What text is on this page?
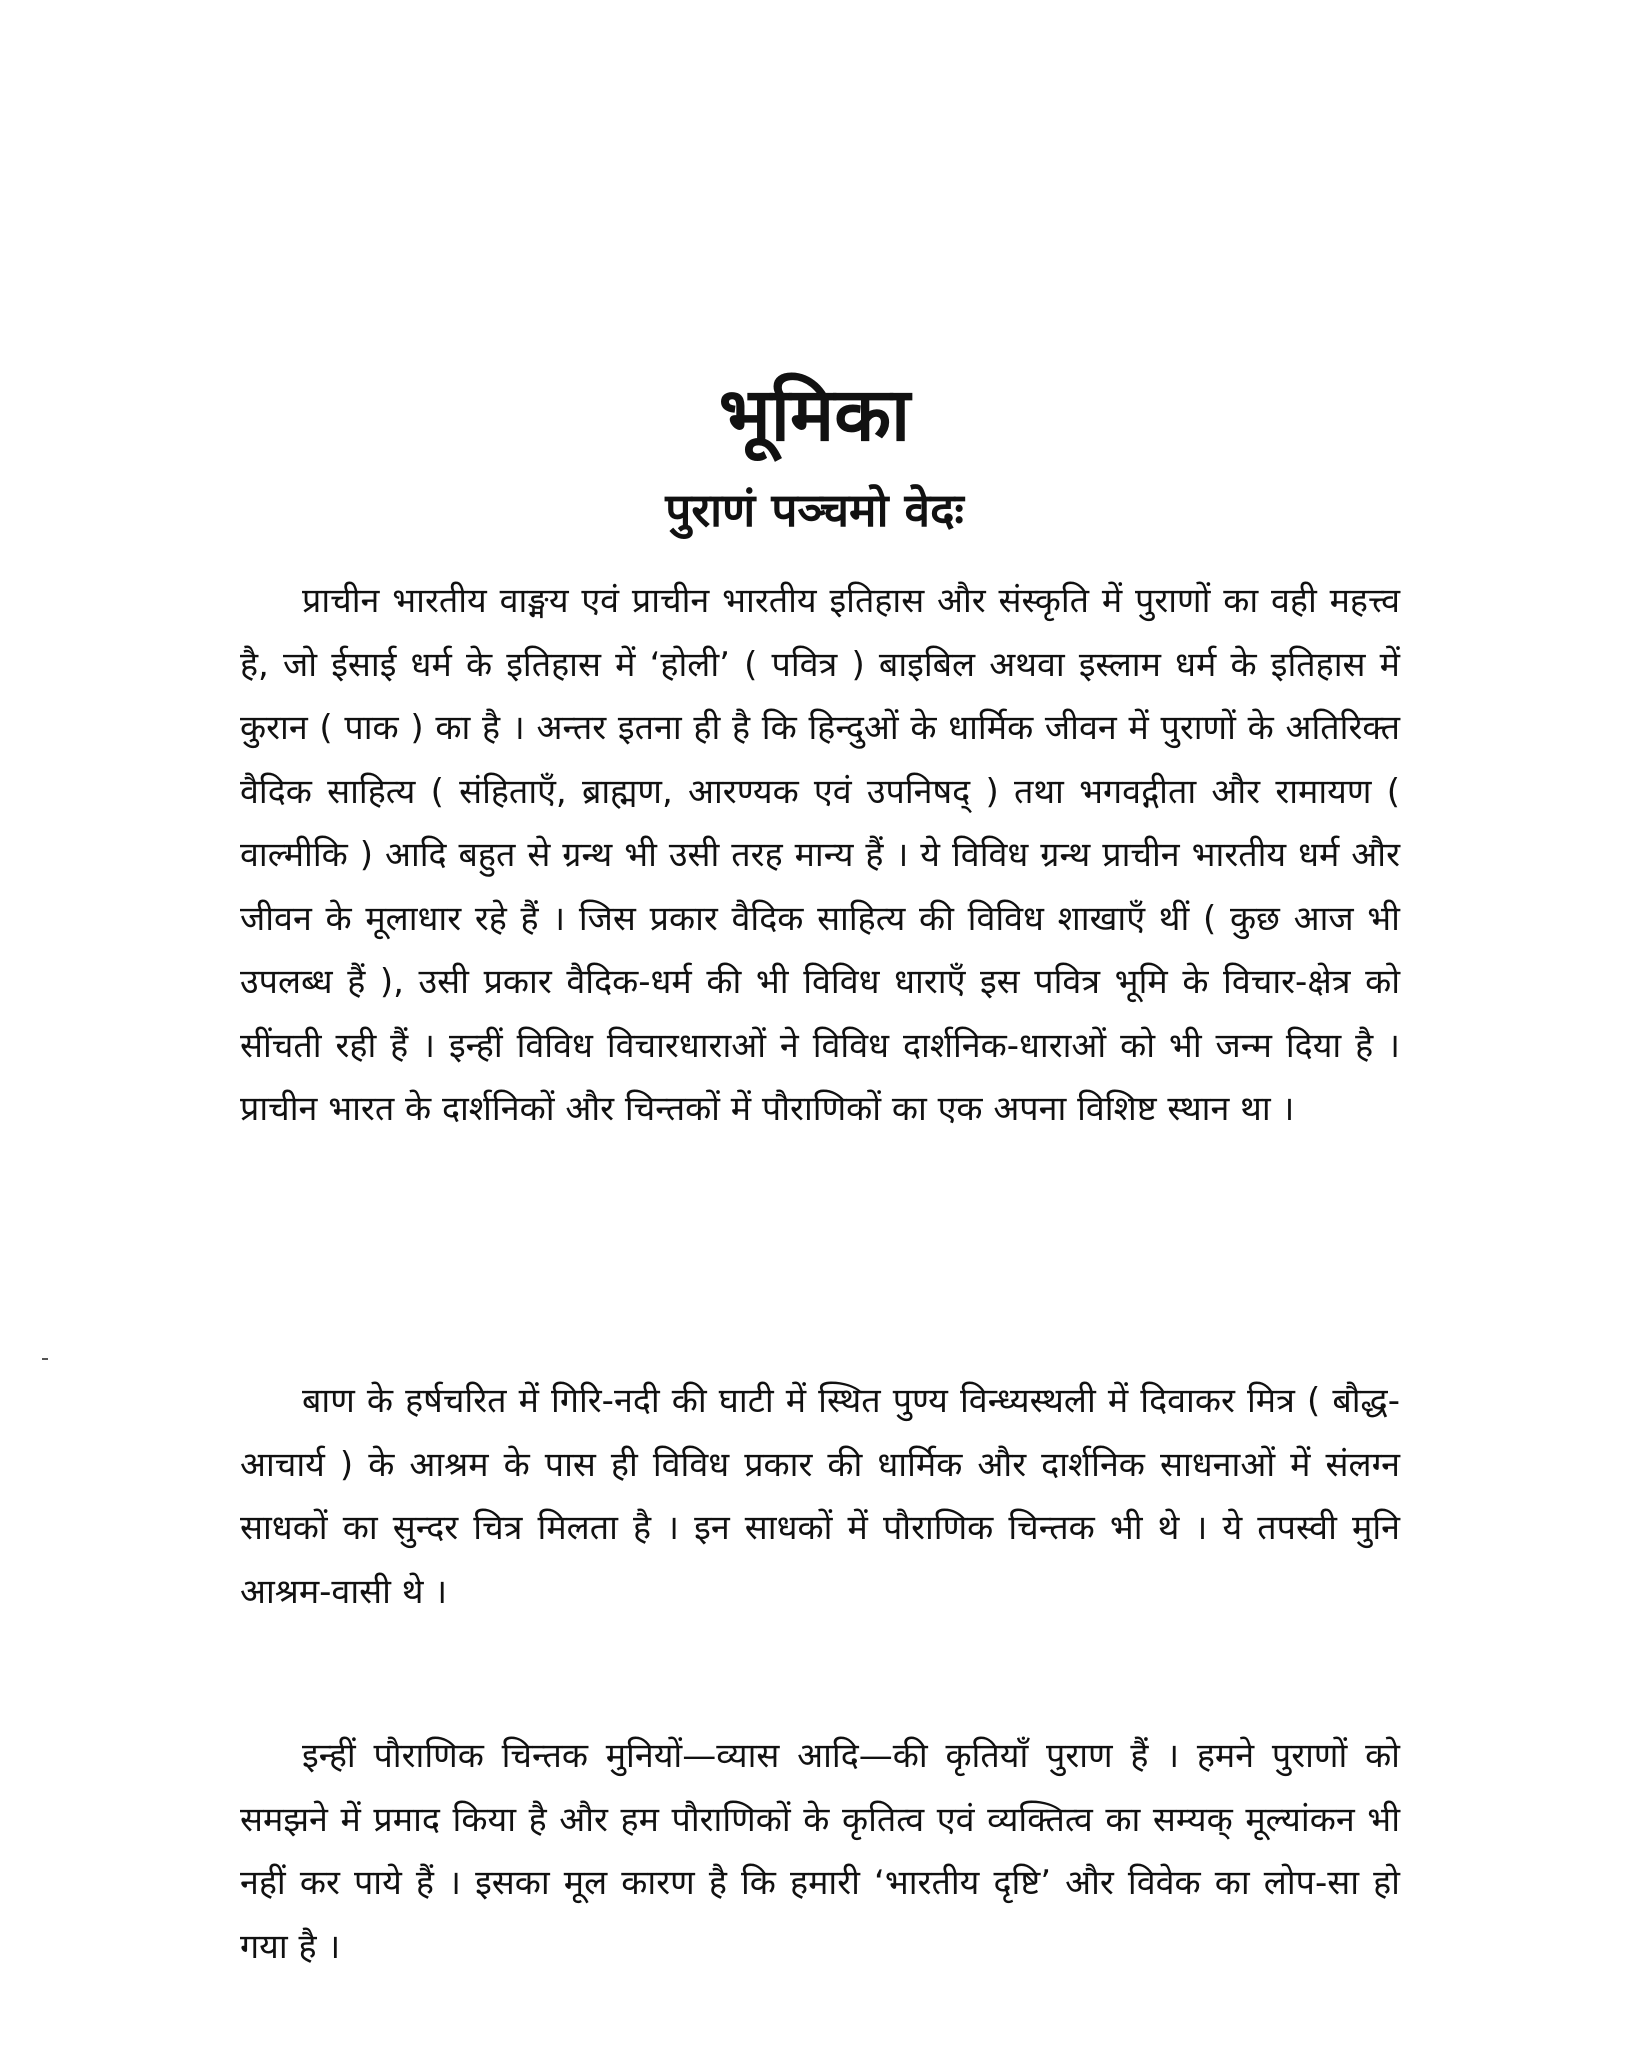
भूमिका
पुराणं पञ्चमो वेदः

प्राचीन भारतीय वाङ्मय एवं प्राचीन भारतीय इतिहास और संस्कृति में पुराणों का वही महत्त्व है, जो ईसाई धर्म के इतिहास में ‘होली’ ( पवित्र ) बाइबिल अथवा इस्लाम धर्म के इतिहास में कुरान ( पाक ) का है । अन्तर इतना ही है कि हिन्दुओं के धार्मिक जीवन में पुराणों के अतिरिक्त वैदिक साहित्य ( संहिताएँ, ब्राह्मण, आरण्यक एवं उपनिषद् ) तथा भगवद्गीता और रामायण ( वाल्मीकि ) आदि बहुत से ग्रन्थ भी उसी तरह मान्य हैं । ये विविध ग्रन्थ प्राचीन भारतीय धर्म और जीवन के मूलाधार रहे हैं । जिस प्रकार वैदिक साहित्य की विविध शाखाएँ थीं ( कुछ आज भी उपलब्ध हैं ), उसी प्रकार वैदिक-धर्म की भी विविध धाराएँ इस पवित्र भूमि के विचार-क्षेत्र को सींचती रही हैं । इन्हीं विविध विचारधाराओं ने विविध दार्शनिक-धाराओं को भी जन्म दिया है । प्राचीन भारत के दार्शनिकों और चिन्तकों में पौराणिकों का एक अपना विशिष्ट स्थान था ।

बाण के हर्षचरित में गिरि-नदी की घाटी में स्थित पुण्य विन्ध्यस्थली में दिवाकर मित्र ( बौद्ध-आचार्य ) के आश्रम के पास ही विविध प्रकार की धार्मिक और दार्शनिक साधनाओं में संलग्न साधकों का सुन्दर चित्र मिलता है । इन साधकों में पौराणिक चिन्तक भी थे । ये तपस्वी मुनि आश्रम-वासी थे ।

इन्हीं पौराणिक चिन्तक मुनियों—व्यास आदि—की कृतियाँ पुराण हैं । हमने पुराणों को समझने में प्रमाद किया है और हम पौराणिकों के कृतित्व एवं व्यक्तित्व का सम्यक् मूल्यांकन भी नहीं कर पाये हैं । इसका मूल कारण है कि हमारी ‘भारतीय दृष्टि’ और विवेक का लोप-सा हो गया है ।
